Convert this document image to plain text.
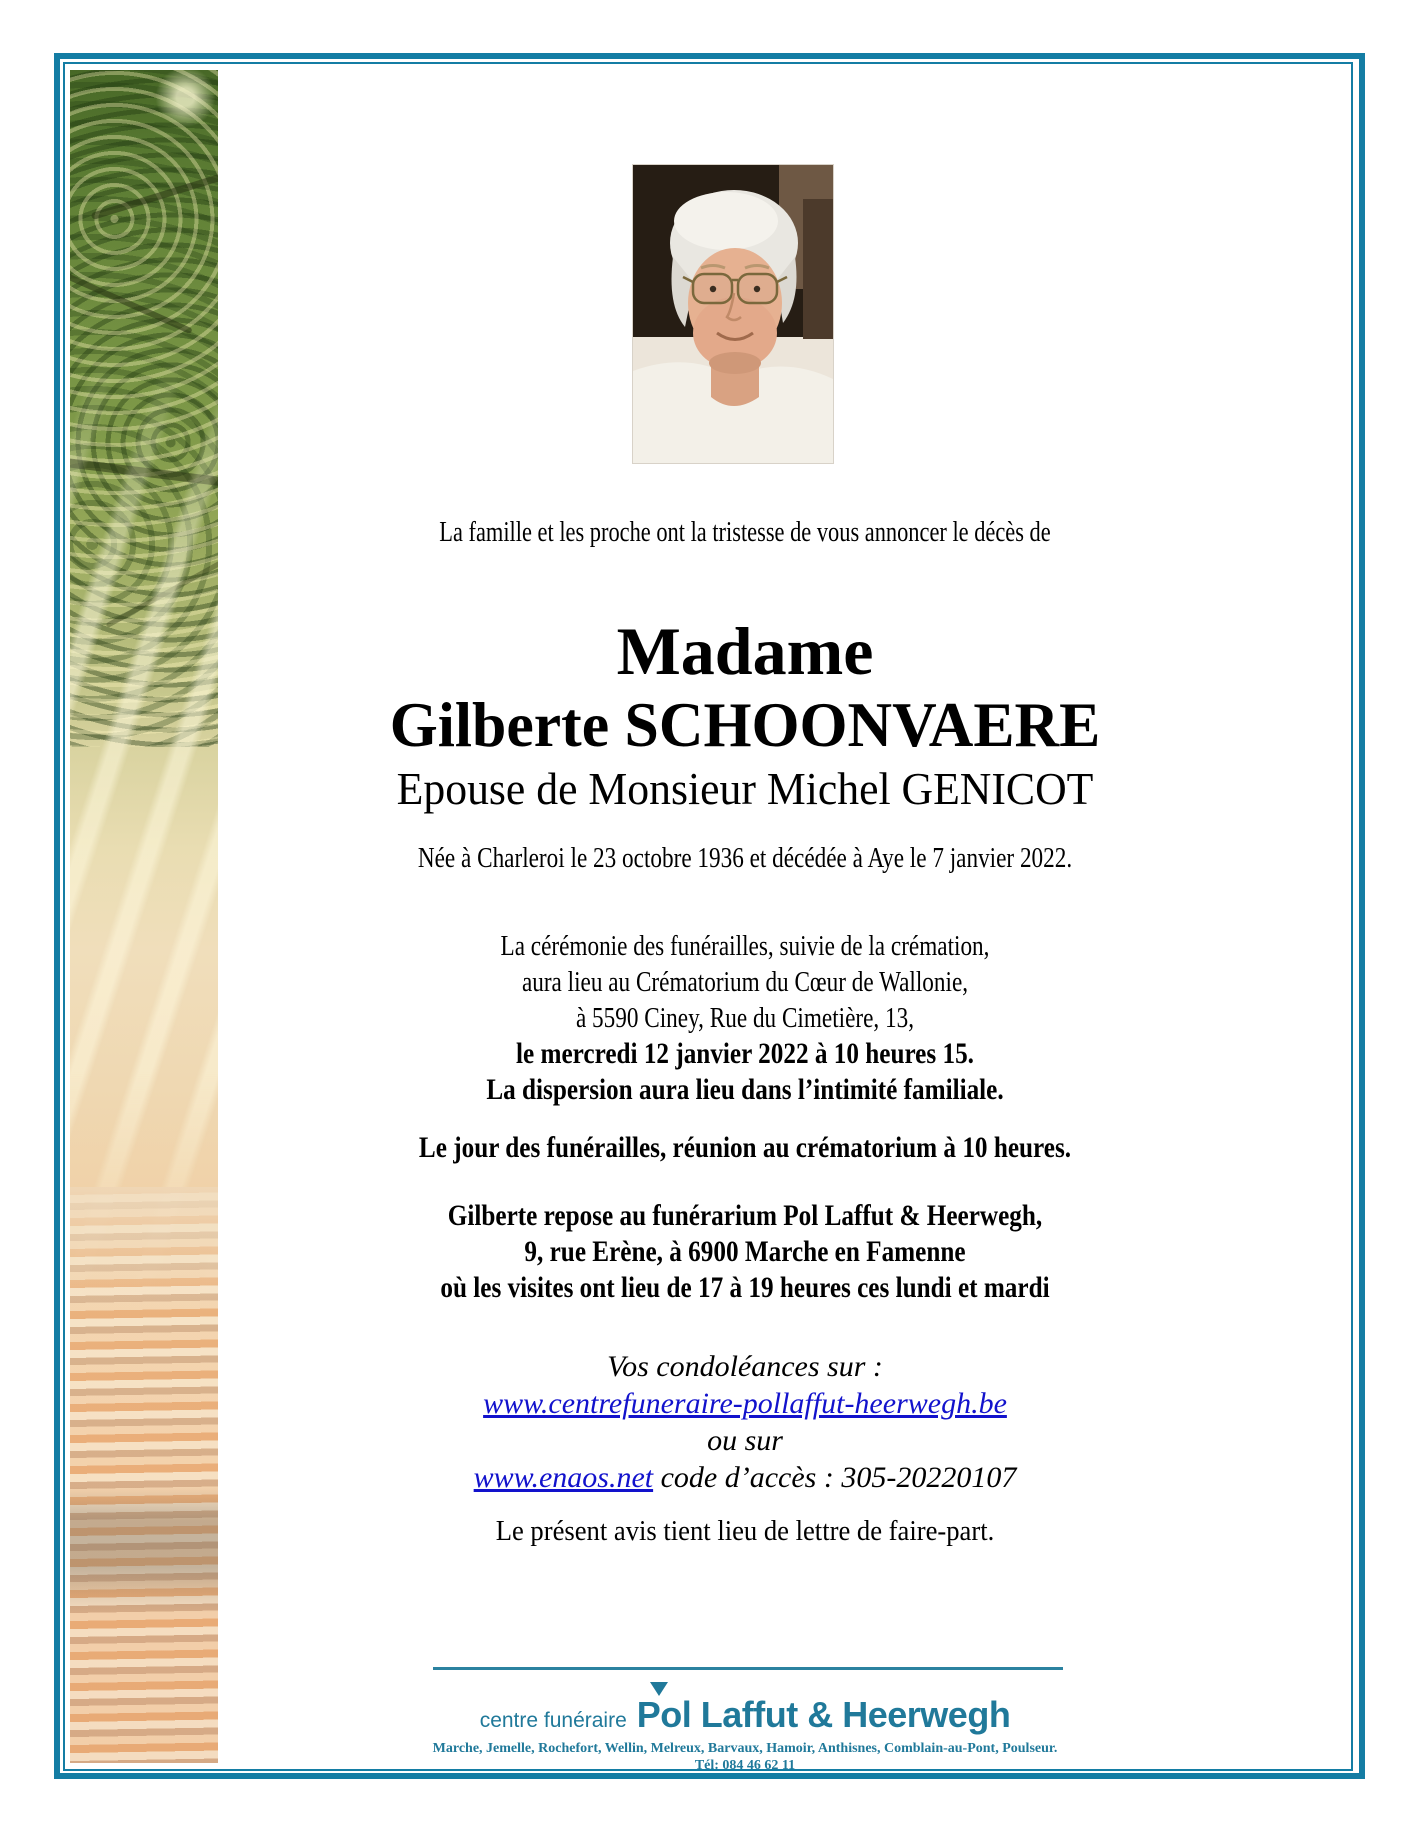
La famille et les proche ont la tristesse de vous annoncer le décès de
Madame
Gilberte SCHOONVAERE
Epouse de Monsieur Michel GENICOT
Née à Charleroi le 23 octobre 1936 et décédée à Aye le 7 janvier 2022.
La cérémonie des funérailles, suivie de la crémation,
aura lieu au Crématorium du Cœur de Wallonie,
à 5590 Ciney, Rue du Cimetière, 13,
le mercredi 12 janvier 2022 à 10 heures 15.
La dispersion aura lieu dans l’intimité familiale.
Le jour des funérailles, réunion au crématorium à 10 heures.
Gilberte repose au funérarium Pol Laffut & Heerwegh,
9, rue Erène, à 6900 Marche en Famenne
où les visites ont lieu de 17 à 19 heures ces lundi et mardi
Vos condoléances sur :
www.centrefuneraire-pollaffut-heerwegh.be
ou sur
www.enaos.net code d’accès : 305-20220107
Le présent avis tient lieu de lettre de faire-part.
centre funéraire Pol Laffut & Heerwegh
Marche, Jemelle, Rochefort, Wellin, Melreux, Barvaux, Hamoir, Anthisnes, Comblain-au-Pont, Poulseur.
Tél: 084 46 62 11
